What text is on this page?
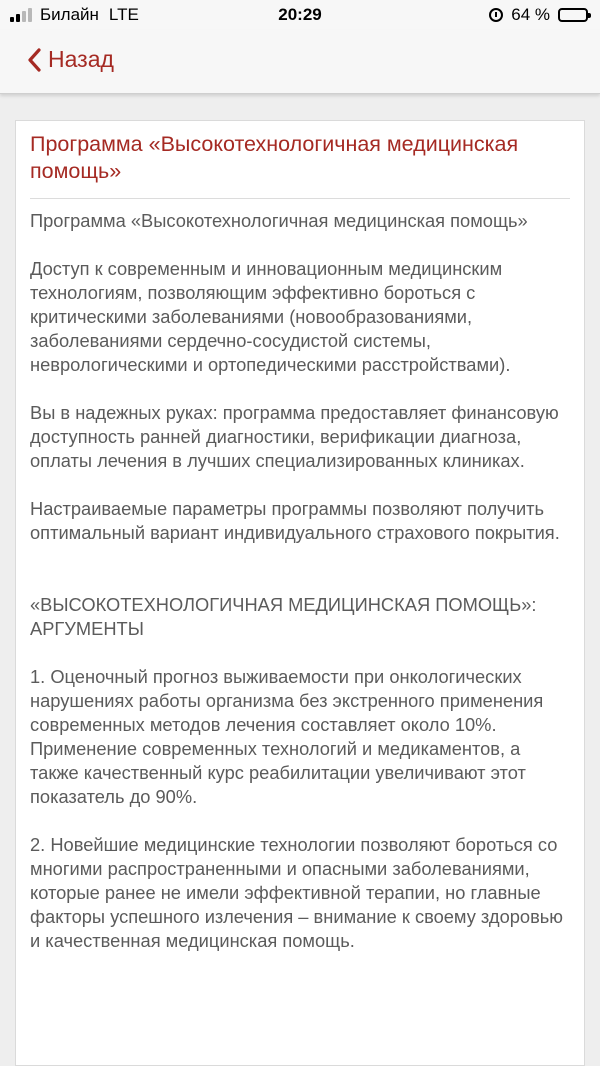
Билайн LTE	20:29	64 %
Назад
Программа «Высокотехнологичная медицинская помощь»

Программа «Высокотехнологичная медицинская помощь»

Доступ к современным и инновационным медицинским технологиям, позволяющим эффективно бороться с критическими заболеваниями (новообразованиями, заболеваниями сердечно-сосудистой системы, неврологическими и ортопедическими расстройствами).

Вы в надежных руках: программа предоставляет финансовую доступность ранней диагностики, верификации диагноза, оплаты лечения в лучших специализированных клиниках.

Настраиваемые параметры программы позволяют получить оптимальный вариант индивидуального страхового покрытия.

«ВЫСОКОТЕХНОЛОГИЧНАЯ МЕДИЦИНСКАЯ ПОМОЩЬ»: АРГУМЕНТЫ

1. Оценочный прогноз выживаемости при онкологических нарушениях работы организма без экстренного применения современных методов лечения составляет около 10%. Применение современных технологий и медикаментов, а также качественный курс реабилитации увеличивают этот показатель до 90%.

2. Новейшие медицинские технологии позволяют бороться со многими распространенными и опасными заболеваниями, которые ранее не имели эффективной терапии, но главные факторы успешного излечения – внимание к своему здоровью и качественная медицинская помощь.
